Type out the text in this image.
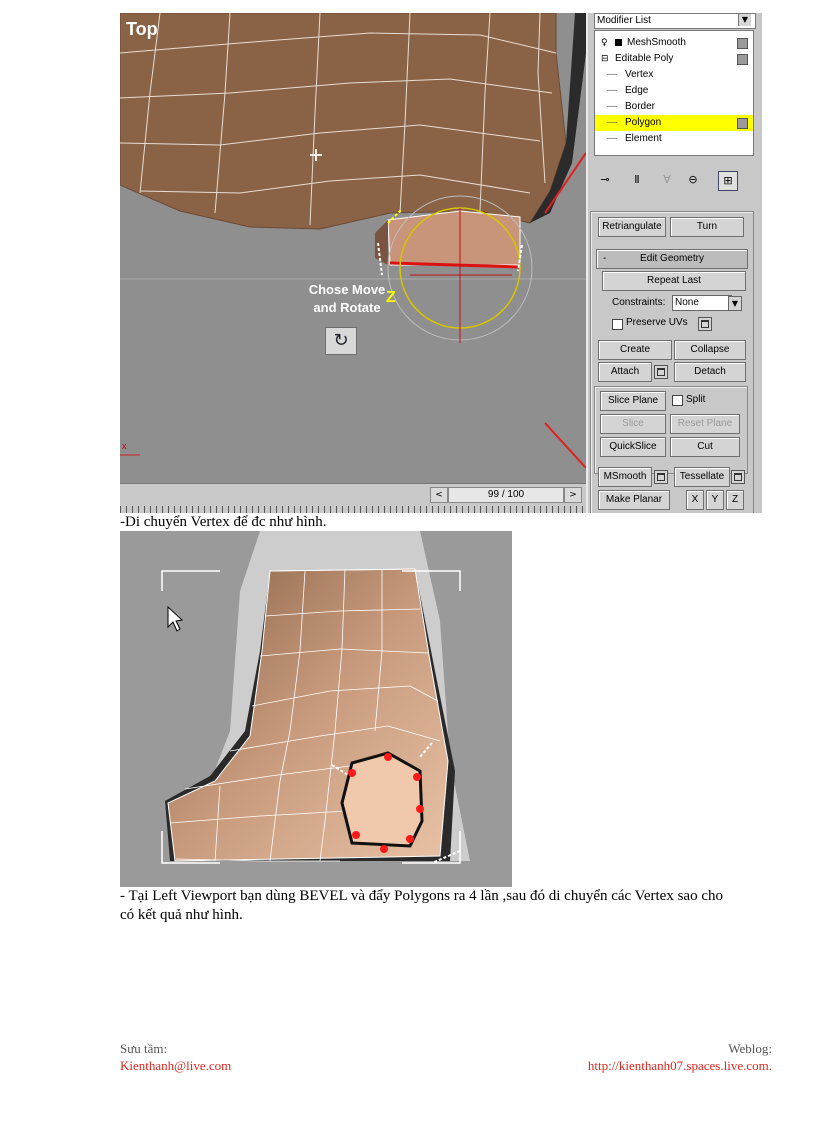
Top
Chose Move
and Rotate
Z
↻
x
<	99 / 100	>
Modifier List	▼
♀ MeshSmooth
⊟ Editable Poly
― Vertex
― Edge
― Border
― Polygon
― Element
⊸	Ⅱ	∀	⊖	⊞
Retriangulate	Turn
-	Edit Geometry
Repeat Last
Constraints: None	▼
Preserve UVs
Create	Collapse
Attach	Detach
Slice Plane	Split
Slice	Reset Plane
QuickSlice	Cut
MSmooth	Tessellate
Make Planar	X	Y	Z
-Di chuyển Vertex để đc như hình.
- Tại Left Viewport bạn dùng BEVEL và đẩy Polygons ra 4 lần ,sau đó di chuyển các Vertex sao cho
có kết quả như hình.
Sưu tầm:
Kienthanh@live.com
Weblog:
http://kienthanh07.spaces.live.com.
